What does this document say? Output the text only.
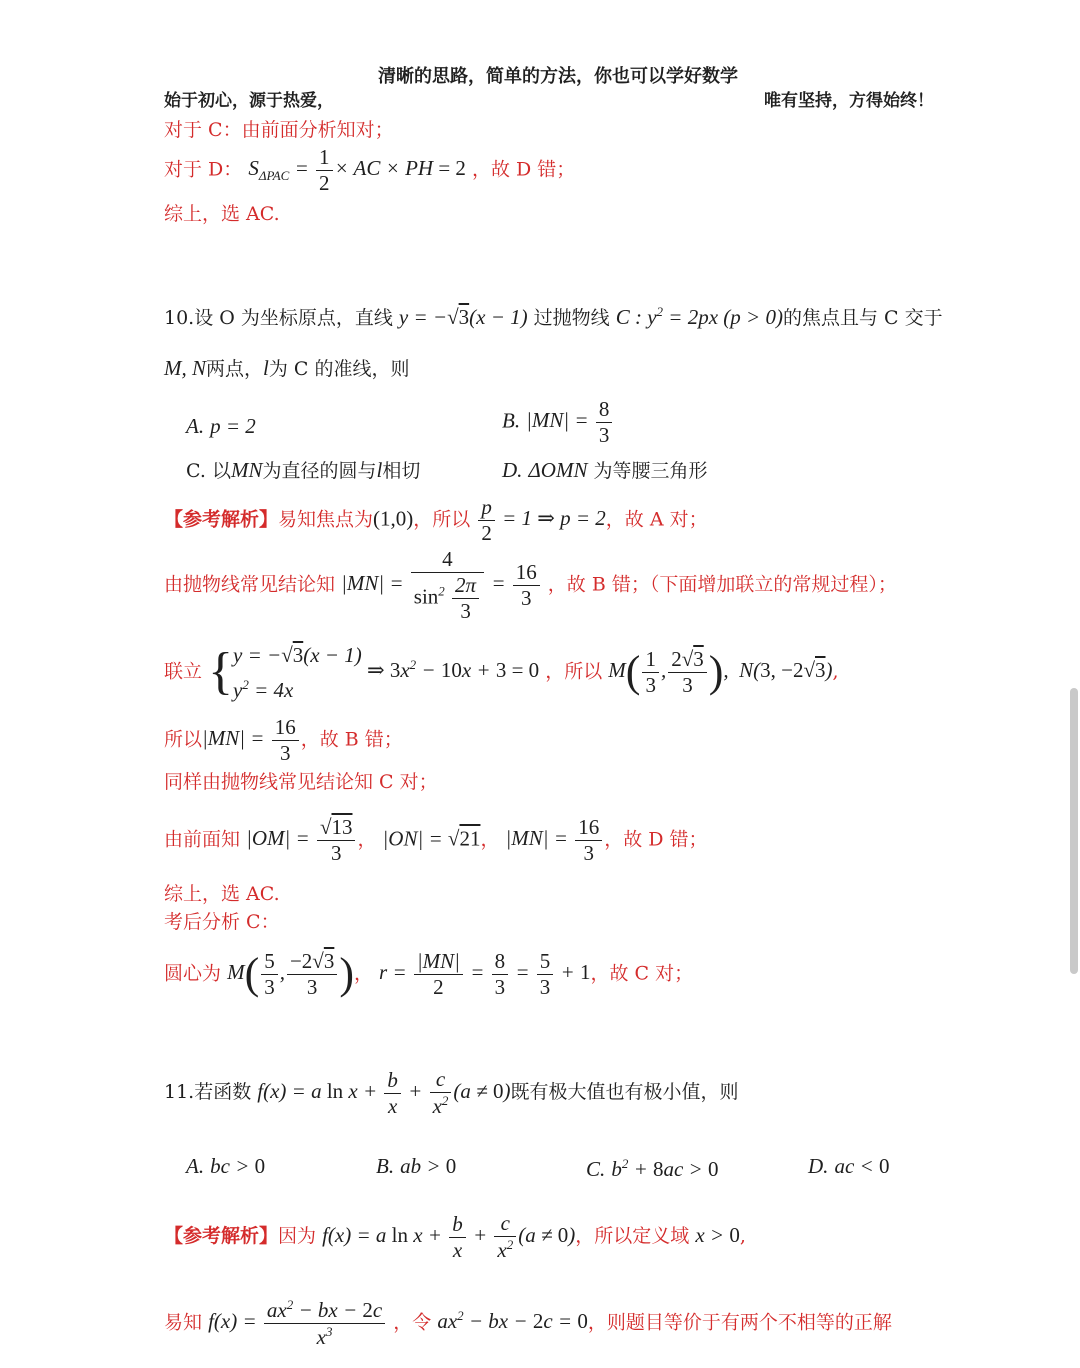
清晰的思路，简单的方法，你也可以学好数学
始于初心，源于热爱，	唯有坚持，方得始终！
对于 C：由前面分析知对；
对于 D： $S_{\Delta PAC} = \frac{1}{2}$ × AC × PH = 2 ，故 D 错；
综上，选 AC.
10.设 O 为坐标原点，直线 y = −√3(x − 1) 过抛物线 C : $y^2 = 2px$ (p > 0)的焦点且与 C 交于
M, N两点，l为 C 的准线，则
A. p = 2	B. $|MN| = \frac{8}{3}$
C. 以MN为直径的圆与l相切	D. ΔOMN 为等腰三角形
【参考解析】易知焦点为(1,0)，所以 $\frac{p}{2} = 1$ ⇒ p = 2，故 A 对；
由抛物线常见结论知 $|MN| = \frac{4}{\sin^2 \frac{2\pi}{3}} = \frac{16}{3}$ ，故 B 错；（下面增加联立的常规过程）；
联立 {y = −√3(x − 1)
$y^2 = 4x$ ⇒ $3x^2 - 10x + 3 = 0$ ，所以 $M( \frac{1}{3}$ , $\frac{2√3}{3}$ ),  N(3, −2√3),
所以$|MN| = \frac{16}{3}$ ，故 B 错；
同样由抛物线常见结论知 C 对；
由前面知 $|OM| = \frac{√13}{3}$ ， |ON| = √21， $|MN| = \frac{16}{3}$ ，故 D 错；
综上，选 AC.
考后分析 C：
圆心为 $M( \frac{5}{3}$ , $\frac{-2√3}{3}$ )， $r = \frac{|MN|}{2} = \frac{8}{3} = \frac{5}{3} + 1$，故 C 对；
11.若函数 f(x) = a $\ln x + \frac{b}{x} + \frac{c}{x^2} (a \ne 0)$既有极大值也有极小值，则
A. bc > 0	B. ab > 0	C. $b^2 + 8ac > 0$	D. ac < 0
【参考解析】因为 f(x) = a $\ln x + \frac{b}{x} + \frac{c}{x^2} (a \ne 0)$，所以定义域 x > 0,
易知 $f(x) = \frac{ax^2 - bx - 2c}{x^3}$ ，令 $ax^2$ − bx − 2c = 0，则题目等价于有两个不相等的正解
